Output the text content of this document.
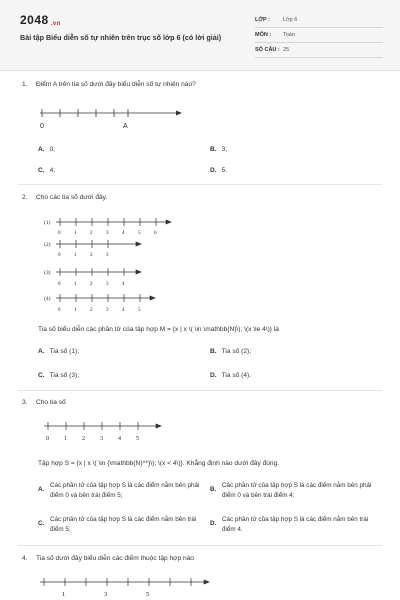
2048 .vn
Bài tập Biểu diễn số tự nhiên trên trục số lớp 6 (có lời giải)
LỚP : Lớp 6
MÔN : Toán
SỐ CÂU : 25
1. Điểm A trên tia số dưới đây biểu diễn số tự nhiên nào?
0	A
A. 0;	B. 3;
C. 4;	D. 5.
2. Cho các tia số dưới đây.
(1)
0	1	2	3	4	5	6
(2)
0	1	2	3
(3)
0	1	2	3	4
(4)
0	1	2	3	4	5
Tia số biểu diễn các phần tử của tập hợp M = {x | x \( \in \mathbb{N}\); \(x \le 4\)} là
A. Tia số (1);	B. Tia số (2);
C. Tia số (3);	D. Tia số (4).
3. Cho tia số
0	1	2	3	4	5
Tập hợp S = {x | x \( \in {\mathbb{N}^*}\); \(x < 4\)}. Khẳng định nào dưới đây đúng.
A.
Các phần tử của tập hợp S là các điểm nằm bên phải điểm 0 và bên trái điểm 5;
B.
Các phần tử của tập hợp S là các điểm nằm bên phải điểm 0 và bên trái điểm 4;
C.
Các phần tử của tập hợp S là các điểm nằm bên trái điểm 5;
D.
Các phần tử của tập hợp S là các điểm nằm bên trái điểm 4.
4. Tia số dưới đây biểu diễn các điểm thuộc tập hợp nào
1	3	5
